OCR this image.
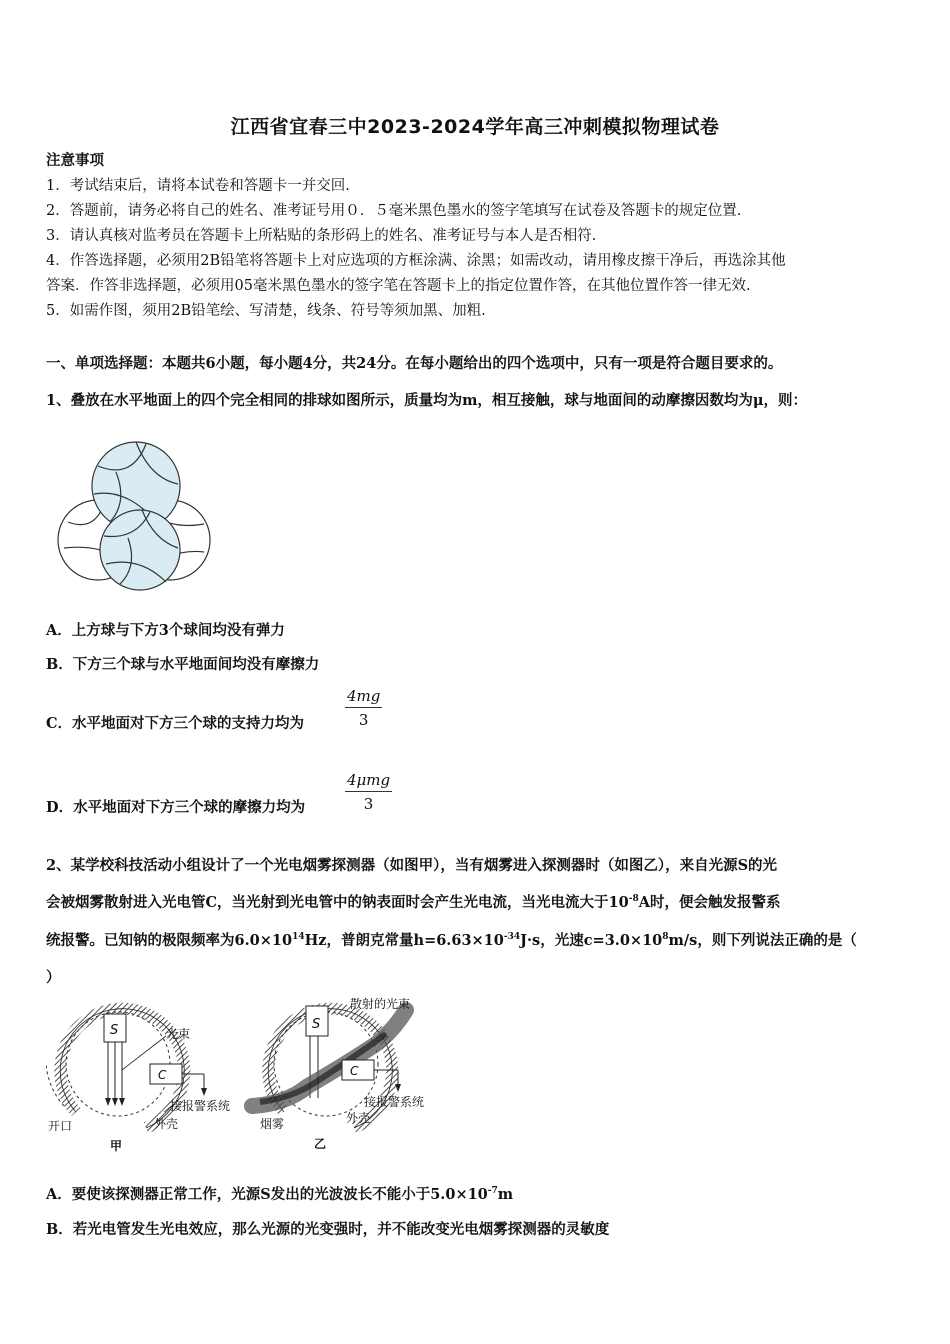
江西省宜春三中2023-2024学年高三冲刺模拟物理试卷
注意事项
1．考试结束后，请将本试卷和答题卡一并交回.
2．答题前，请务必将自己的姓名、准考证号用０．５毫米黑色墨水的签字笔填写在试卷及答题卡的规定位置.
3．请认真核对监考员在答题卡上所粘贴的条形码上的姓名、准考证号与本人是否相符.
4．作答选择题，必须用2B铅笔将答题卡上对应选项的方框涂满、涂黑；如需改动，请用橡皮擦干净后，再选涂其他
答案．作答非选择题，必须用05毫米黑色墨水的签字笔在答题卡上的指定位置作答，在其他位置作答一律无效.
5．如需作图，须用2B铅笔绘、写清楚，线条、符号等须加黑、加粗.
一、单项选择题：本题共6小题，每小题4分，共24分。在每小题给出的四个选项中，只有一项是符合题目要求的。
1、叠放在水平地面上的四个完全相同的排球如图所示，质量均为m，相互接触，球与地面间的动摩擦因数均为μ，则：
A．上方球与下方3个球间均没有弹力
B．下方三个球与水平地面间均没有摩擦力
C．水平地面对下方三个球的支持力均为	$\frac{4mg}{3}$
D．水平地面对下方三个球的摩擦力均为
4μmg
3
2、某学校科技活动小组设计了一个光电烟雾探测器（如图甲），当有烟雾进入探测器时（如图乙），来自光源S的光
会被烟雾散射进入光电管C，当光射到光电管中的钠表面时会产生光电流，当光电流大于$10^{-8}A$时，便会触发报警系
统报警。已知钠的极限频率为$6.0\times 10^{14}Hz$，普朗克常量$h=6.63\times 10^{-34}J\cdot s$，光速$c=3.0\times 10^8m/s$，则下列说法正确的是（
）
S
C
光束
接报警系统
外壳
开口
甲
S
C
散射的光束
接报警系统
外壳
烟雾
乙
A．要使该探测器正常工作，光源S发出的光波波长不能小于$5.0\times 10^{-7}m$
B．若光电管发生光电效应，那么光源的光变强时，并不能改变光电烟雾探测器的灵敏度
